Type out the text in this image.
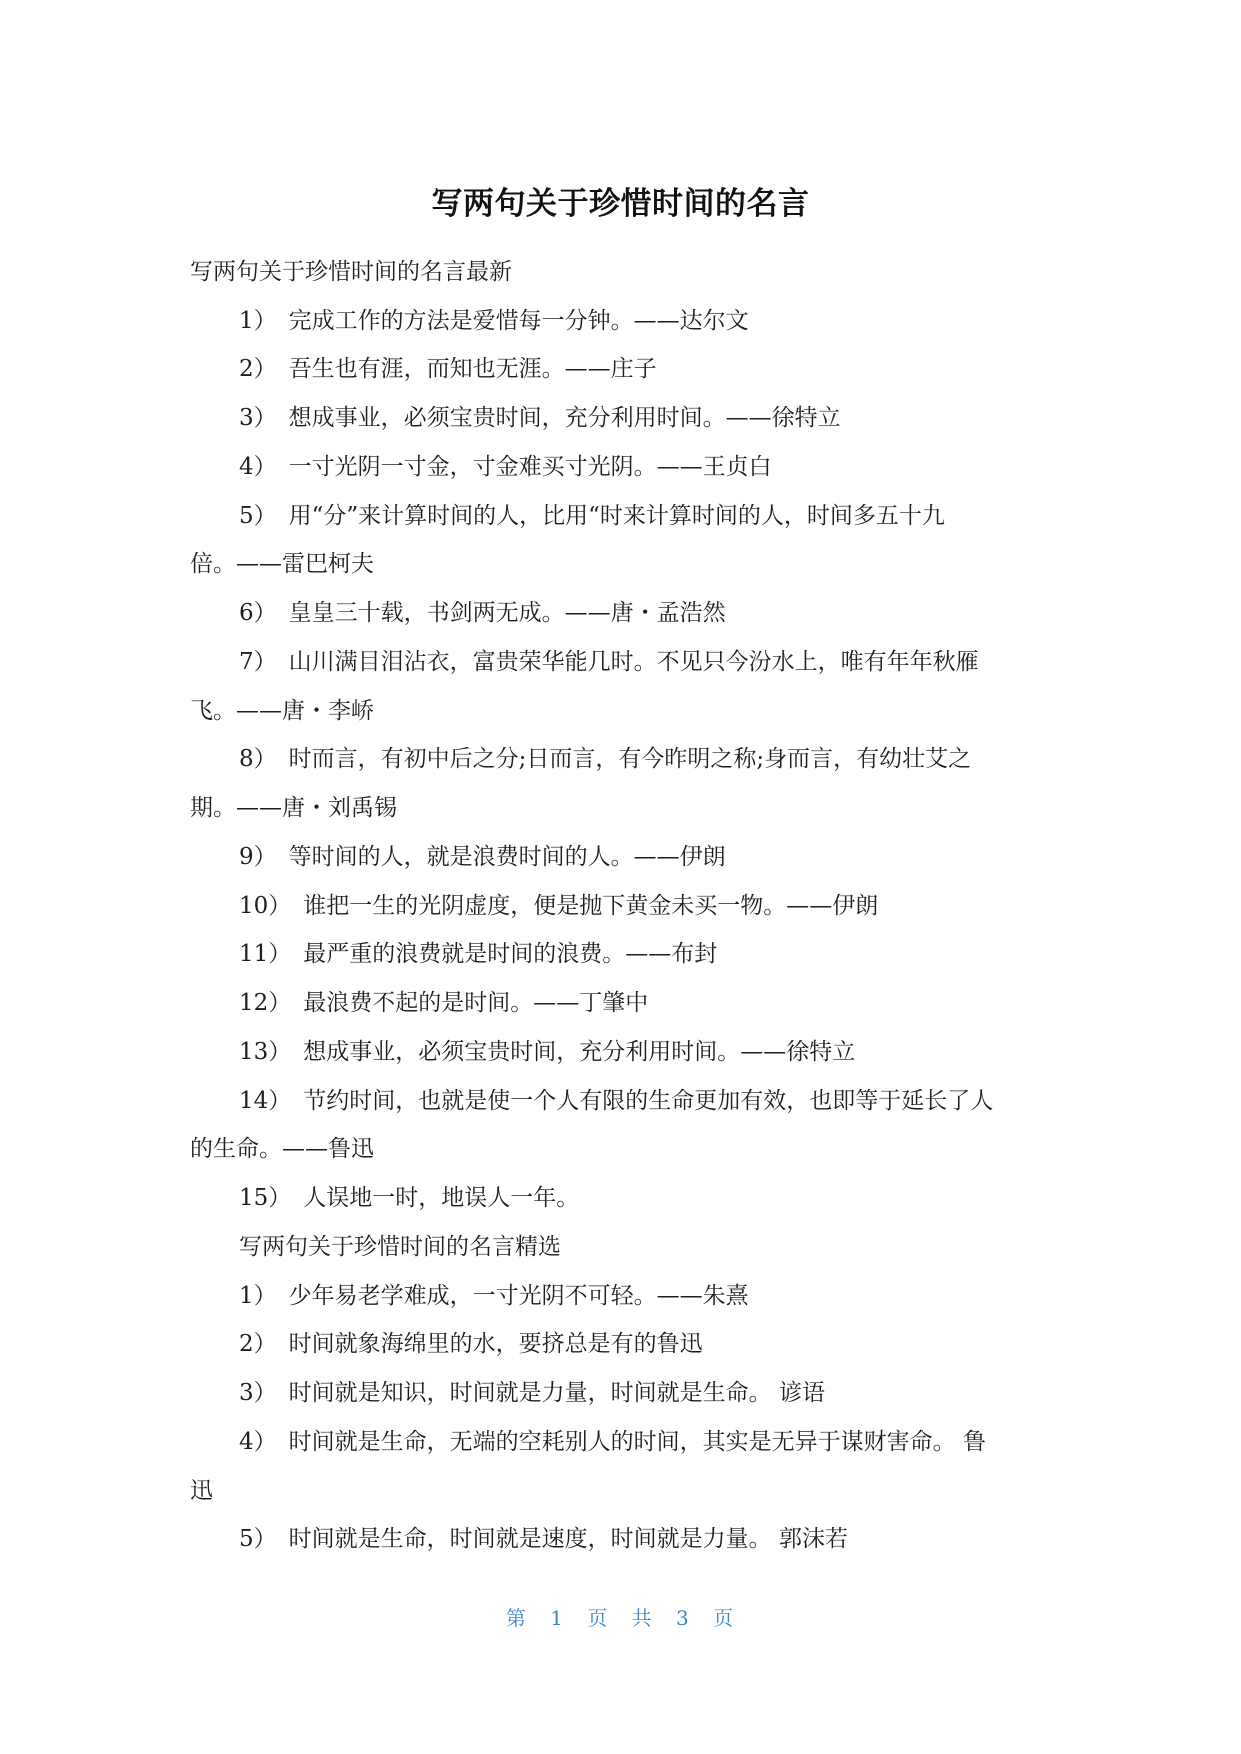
写两句关于珍惜时间的名言
写两句关于珍惜时间的名言最新
1） 完成工作的方法是爱惜每一分钟。——达尔文
2） 吾生也有涯，而知也无涯。——庄子
3） 想成事业，必须宝贵时间，充分利用时间。——徐特立
4） 一寸光阴一寸金，寸金难买寸光阴。——王贞白
5） 用“分”来计算时间的人，比用“时来计算时间的人，时间多五十九
倍。——雷巴柯夫
6） 皇皇三十载，书剑两无成。——唐・孟浩然
7） 山川满目泪沾衣，富贵荣华能几时。不见只今汾水上，唯有年年秋雁
飞。——唐・李峤
8） 时而言，有初中后之分;日而言，有今昨明之称;身而言，有幼壮艾之
期。——唐・刘禹锡
9） 等时间的人，就是浪费时间的人。——伊朗
10） 谁把一生的光阴虚度，便是抛下黄金未买一物。——伊朗
11） 最严重的浪费就是时间的浪费。——布封
12） 最浪费不起的是时间。——丁肇中
13） 想成事业，必须宝贵时间，充分利用时间。——徐特立
14） 节约时间，也就是使一个人有限的生命更加有效，也即等于延长了人
的生命。——鲁迅
15） 人误地一时，地误人一年。
写两句关于珍惜时间的名言精选
1） 少年易老学难成，一寸光阴不可轻。——朱熹
2） 时间就象海绵里的水，要挤总是有的鲁迅
3） 时间就是知识，时间就是力量，时间就是生命。 谚语
4） 时间就是生命，无端的空耗别人的时间，其实是无异于谋财害命。 鲁
迅
5） 时间就是生命，时间就是速度，时间就是力量。 郭沫若
第 1 页 共 3 页
